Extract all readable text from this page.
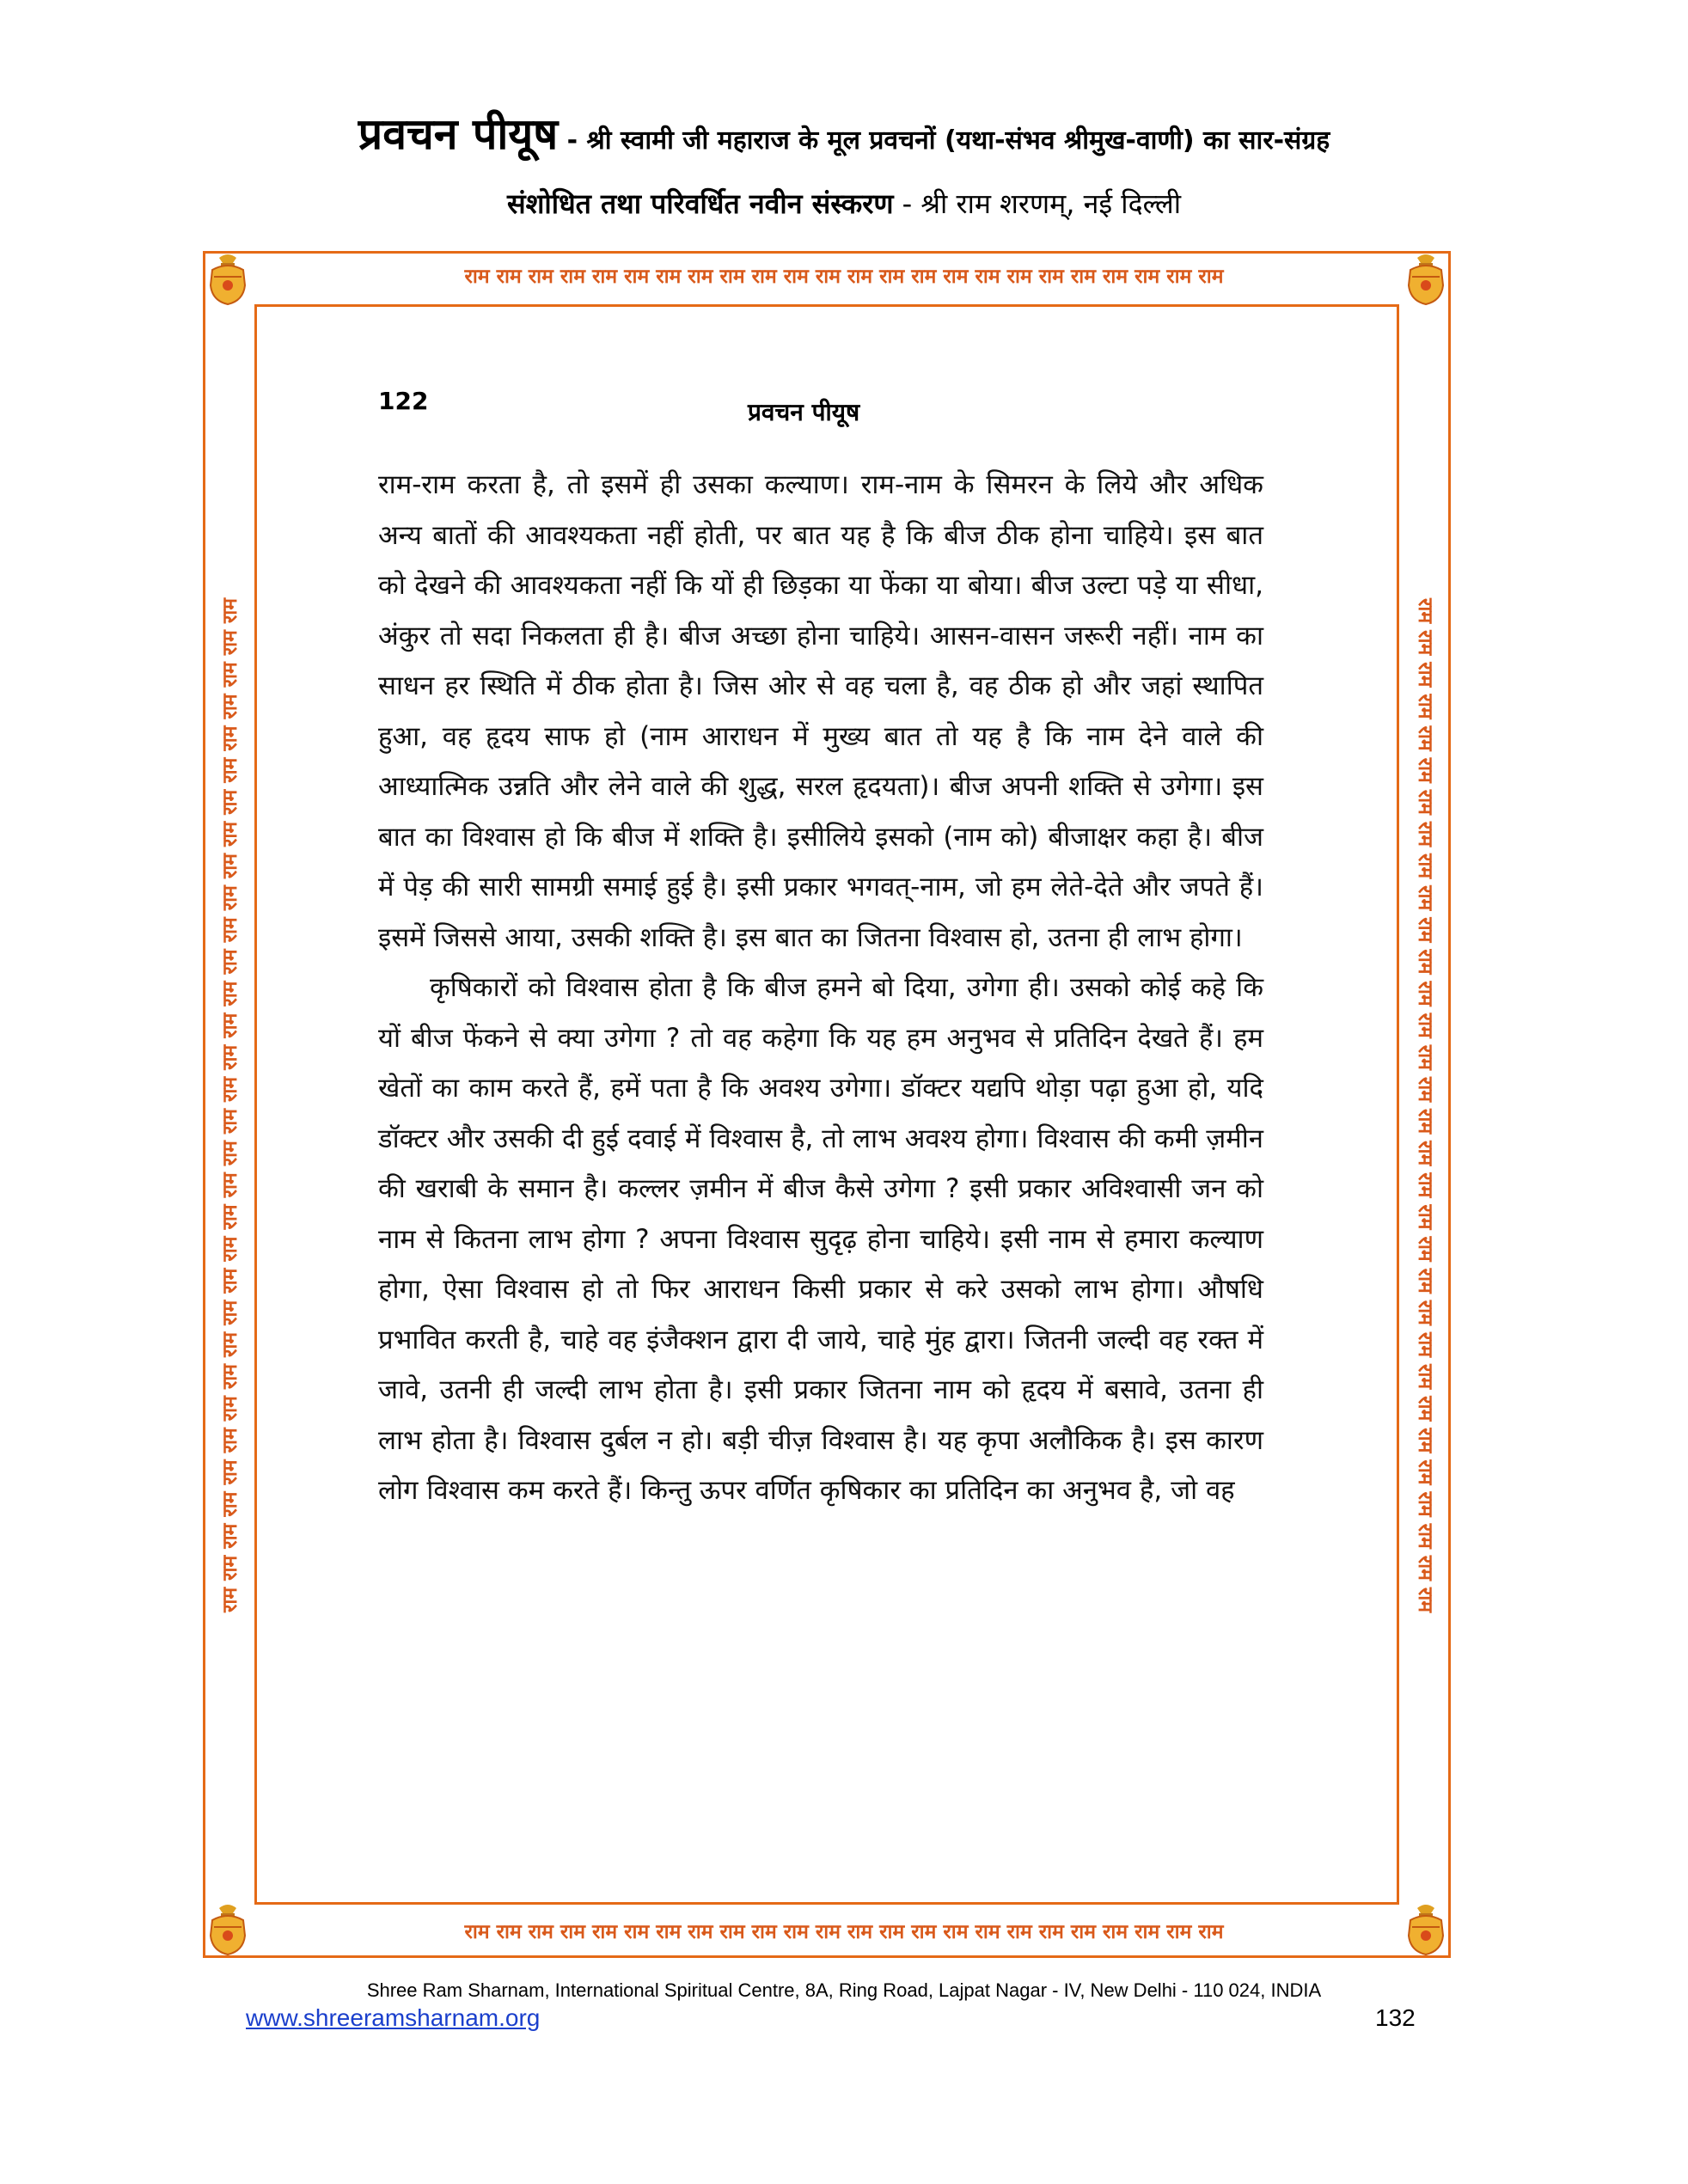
प्रवचन पीयूष - श्री स्वामी जी महाराज के मूल प्रवचनों (यथा-संभव श्रीमुख-वाणी) का सार-संग्रह
संशोधित तथा परिवर्धित नवीन संस्करण - श्री राम शरणम्, नई दिल्ली
राम राम राम राम राम राम राम राम राम राम राम राम राम राम राम राम राम राम राम राम राम राम राम राम
राम राम राम राम राम राम राम राम राम राम राम राम राम राम राम राम राम राम राम राम राम राम राम राम
राम राम राम राम राम राम राम राम राम राम राम राम राम राम राम राम राम राम राम राम राम राम राम राम राम राम राम राम राम राम राम राम	राम राम राम राम राम राम राम राम राम राम राम राम राम राम राम राम राम राम राम राम राम राम राम राम राम राम राम राम राम राम राम राम
122	प्रवचन पीयूष

राम-राम करता है, तो इसमें ही उसका कल्याण। राम-नाम के सिमरन के लिये और अधिक अन्य बातों की आवश्यकता नहीं होती, पर बात यह है कि बीज ठीक होना चाहिये। इस बात को देखने की आवश्यकता नहीं कि यों ही छिड़का या फेंका या बोया। बीज उल्टा पड़े या सीधा, अंकुर तो सदा निकलता ही है। बीज अच्छा होना चाहिये। आसन-वासन जरूरी नहीं। नाम का साधन हर स्थिति में ठीक होता है। जिस ओर से वह चला है, वह ठीक हो और जहां स्थापित हुआ, वह हृदय साफ हो (नाम आराधन में मुख्य बात तो यह है कि नाम देने वाले की आध्यात्मिक उन्नति और लेने वाले की शुद्ध, सरल हृदयता)। बीज अपनी शक्ति से उगेगा। इस बात का विश्वास हो कि बीज में शक्ति है। इसीलिये इसको (नाम को) बीजाक्षर कहा है। बीज में पेड़ की सारी सामग्री समाई हुई है। इसी प्रकार भगवत्-नाम, जो हम लेते-देते और जपते हैं। इसमें जिससे आया, उसकी शक्ति है। इस बात का जितना विश्वास हो, उतना ही लाभ होगा।

कृषिकारों को विश्वास होता है कि बीज हमने बो दिया, उगेगा ही। उसको कोई कहे कि यों बीज फेंकने से क्या उगेगा ? तो वह कहेगा कि यह हम अनुभव से प्रतिदिन देखते हैं। हम खेतों का काम करते हैं, हमें पता है कि अवश्य उगेगा। डॉक्टर यद्यपि थोड़ा पढ़ा हुआ हो, यदि डॉक्टर और उसकी दी हुई दवाई में विश्वास है, तो लाभ अवश्य होगा। विश्वास की कमी ज़मीन की खराबी के समान है। कल्लर ज़मीन में बीज कैसे उगेगा ? इसी प्रकार अविश्वासी जन को नाम से कितना लाभ होगा ? अपना विश्वास सुदृढ़ होना चाहिये। इसी नाम से हमारा कल्याण होगा, ऐसा विश्वास हो तो फिर आराधन किसी प्रकार से करे उसको लाभ होगा। औषधि प्रभावित करती है, चाहे वह इंजैक्शन द्वारा दी जाये, चाहे मुंह द्वारा। जितनी जल्दी वह रक्त में जावे, उतनी ही जल्दी लाभ होता है। इसी प्रकार जितना नाम को हृदय में बसावे, उतना ही लाभ होता है। विश्वास दुर्बल न हो। बड़ी चीज़ विश्वास है। यह कृपा अलौकिक है। इस कारण लोग विश्वास कम करते हैं। किन्तु ऊपर वर्णित कृषिकार का प्रतिदिन का अनुभव है, जो वह

Shree Ram Sharnam, International Spiritual Centre, 8A, Ring Road, Lajpat Nagar - IV, New Delhi - 110 024, INDIA
www.shreeramsharnam.org	132
